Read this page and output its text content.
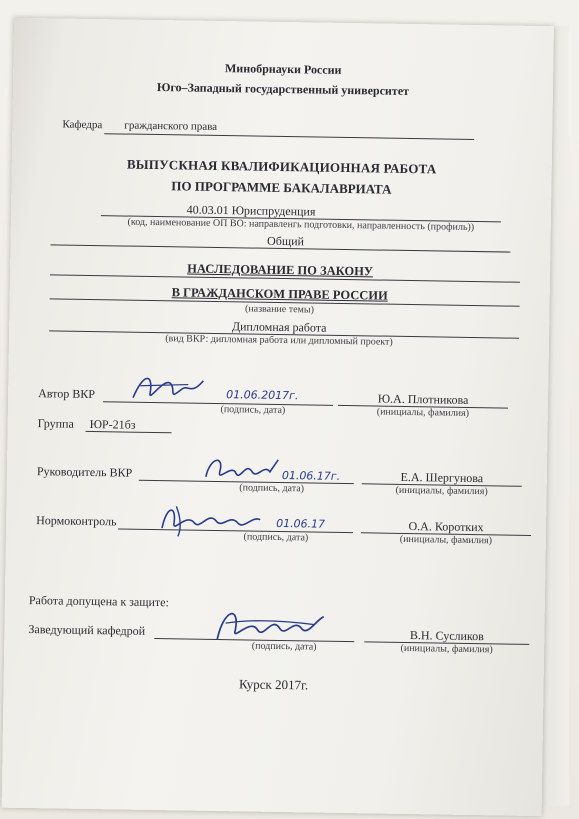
Минобрнауки России
Юго–Западный государственный университет
Кафедра гражданского права
ВЫПУСКНАЯ КВАЛИФИКАЦИОННАЯ РАБОТА
ПО ПРОГРАММЕ БАКАЛАВРИАТА
40.03.01 Юриспруденция
(код, наименование ОП ВО: направленгь подготовки, направленность (профиль))
Общий
НАСЛЕДОВАНИЕ ПО ЗАКОНУ
В ГРАЖДАНСКОМ ПРАВЕ РОССИИ
(название темы)
Дипломная работа
(вид ВКР: дипломная работа или дипломный проект)
Автор ВКР	01.06.2017г.
(подпись, дата)
Ю.А. Плотникова
(инициалы, фамилия)
Группа ЮР-21бз
Руководитель ВКР	01.06.17г.
(подпись, дата)
Е.А. Шергунова
(инициалы, фамилия)
Нормоконтроль	01.06.17
(подпись, дата)
О.А. Коротких
(инициалы, фамилия)
Работа допущена к защите:
Заведующий кафедрой
(подпись, дата)
В.Н. Сусликов
(инициалы, фамилия)
Курск 2017г.
